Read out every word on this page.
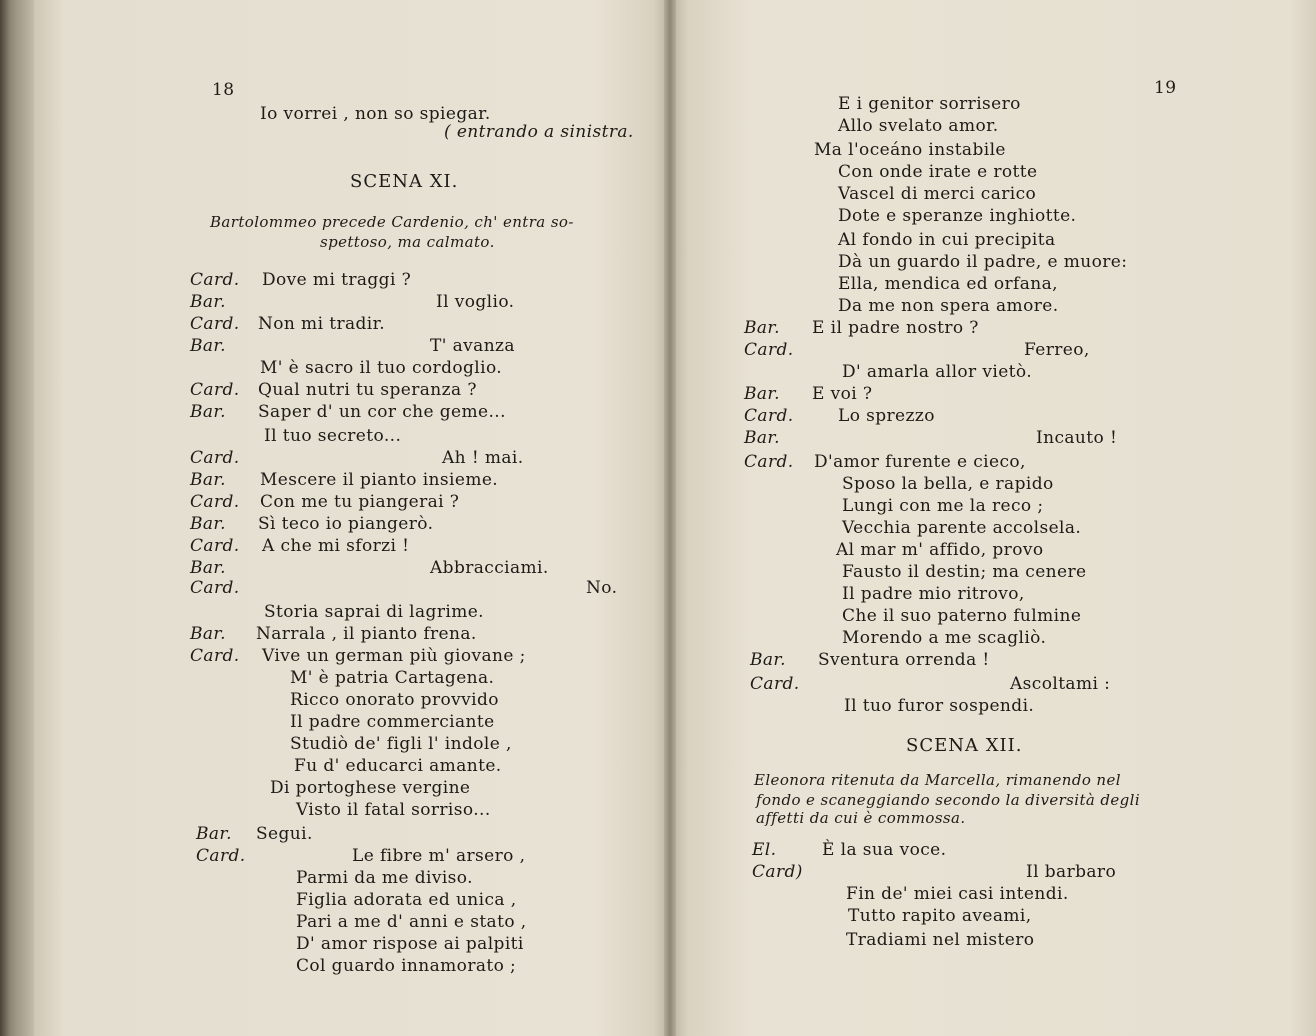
18
Io vorrei , non so spiegar.
( entrando a sinistra.
SCENA XI.
Bartolommeo precede Cardenio, ch' entra so-
spettoso, ma calmato.
Card. Dove mi traggi ?
Bar.	Il voglio.
Card. Non mi tradir.
Bar.	T' avanza
M' è sacro il tuo cordoglio.
Card. Qual nutri tu speranza ?
Bar. Saper d' un cor che geme...
Il tuo secreto...
Card.	Ah ! mai.
Bar. Mescere il pianto insieme.
Card. Con me tu piangerai ?
Bar. Sì teco io piangerò.
Card. A che mi sforzi !
Bar.	Abbracciami.
Card.	No.
Storia saprai di lagrime.
Bar. Narrala , il pianto frena.
Card. Vive un german più giovane ;
M' è patria Cartagena.
Ricco onorato provvido
Il padre commerciante
Studiò de' figli l' indole ,
Fu d' educarci amante.
Di portoghese vergine
Visto il fatal sorriso...
Bar. Segui.
Card.	Le fibre m' arsero ,
Parmi da me diviso.
Figlia adorata ed unica ,
Pari a me d' anni e stato ,
D' amor rispose ai palpiti
Col guardo innamorato ;
19
E i genitor sorrisero
Allo svelato amor.
Ma l'oceáno instabile
Con onde irate e rotte
Vascel di merci carico
Dote e speranze inghiotte.
Al fondo in cui precipita
Dà un guardo il padre, e muore:
Ella, mendica ed orfana,
Da me non spera amore.
Bar. E il padre nostro ?
Card.	Ferreo,
D' amarla allor vietò.
Bar. E voi ?
Card.	Lo sprezzo
Bar.	Incauto !
Card. D'amor furente e cieco,
Sposo la bella, e rapido
Lungi con me la reco ;
Vecchia parente accolsela.
Al mar m' affido, provo
Fausto il destin; ma cenere
Il padre mio ritrovo,
Che il suo paterno fulmine
Morendo a me scagliò.
Bar. Sventura orrenda !
Card.	Ascoltami :
Il tuo furor sospendi.
SCENA XII.
Eleonora ritenuta da Marcella, rimanendo nel
fondo e scaneggiando secondo la diversità degli
affetti da cui è commossa.
El.	È la sua voce.
Card)	Il barbaro
Fin de' miei casi intendi.
Tutto rapito aveami,
Tradiami nel mistero
